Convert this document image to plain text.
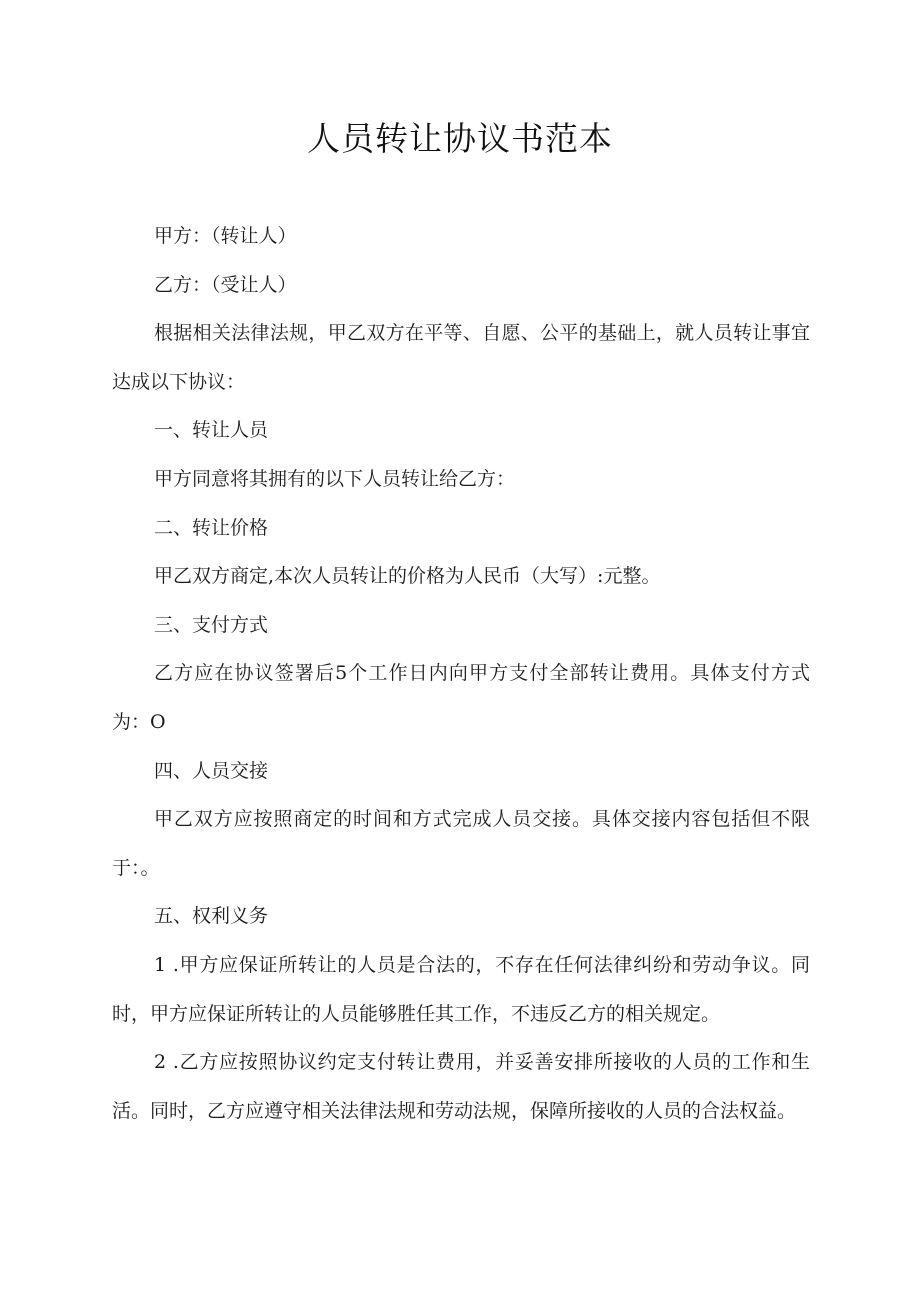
人员转让协议书范本

甲方：（转让人）

乙方：（受让人）

根据相关法律法规，甲乙双方在平等、自愿、公平的基础上，就人员转让事宜达成以下协议：

一、转让人员

甲方同意将其拥有的以下人员转让给乙方：

二、转让价格

甲乙双方商定,本次人员转让的价格为人民币（大写）:元整。

三、支付方式

乙方应在协议签署后5个工作日内向甲方支付全部转让费用。具体支付方式为：O

四、人员交接

甲乙双方应按照商定的时间和方式完成人员交接。具体交接内容包括但不限于：。

五、权利义务

1 .甲方应保证所转让的人员是合法的，不存在任何法律纠纷和劳动争议。同时，甲方应保证所转让的人员能够胜任其工作，不违反乙方的相关规定。

2 .乙方应按照协议约定支付转让费用，并妥善安排所接收的人员的工作和生活。同时，乙方应遵守相关法律法规和劳动法规，保障所接收的人员的合法权益。
